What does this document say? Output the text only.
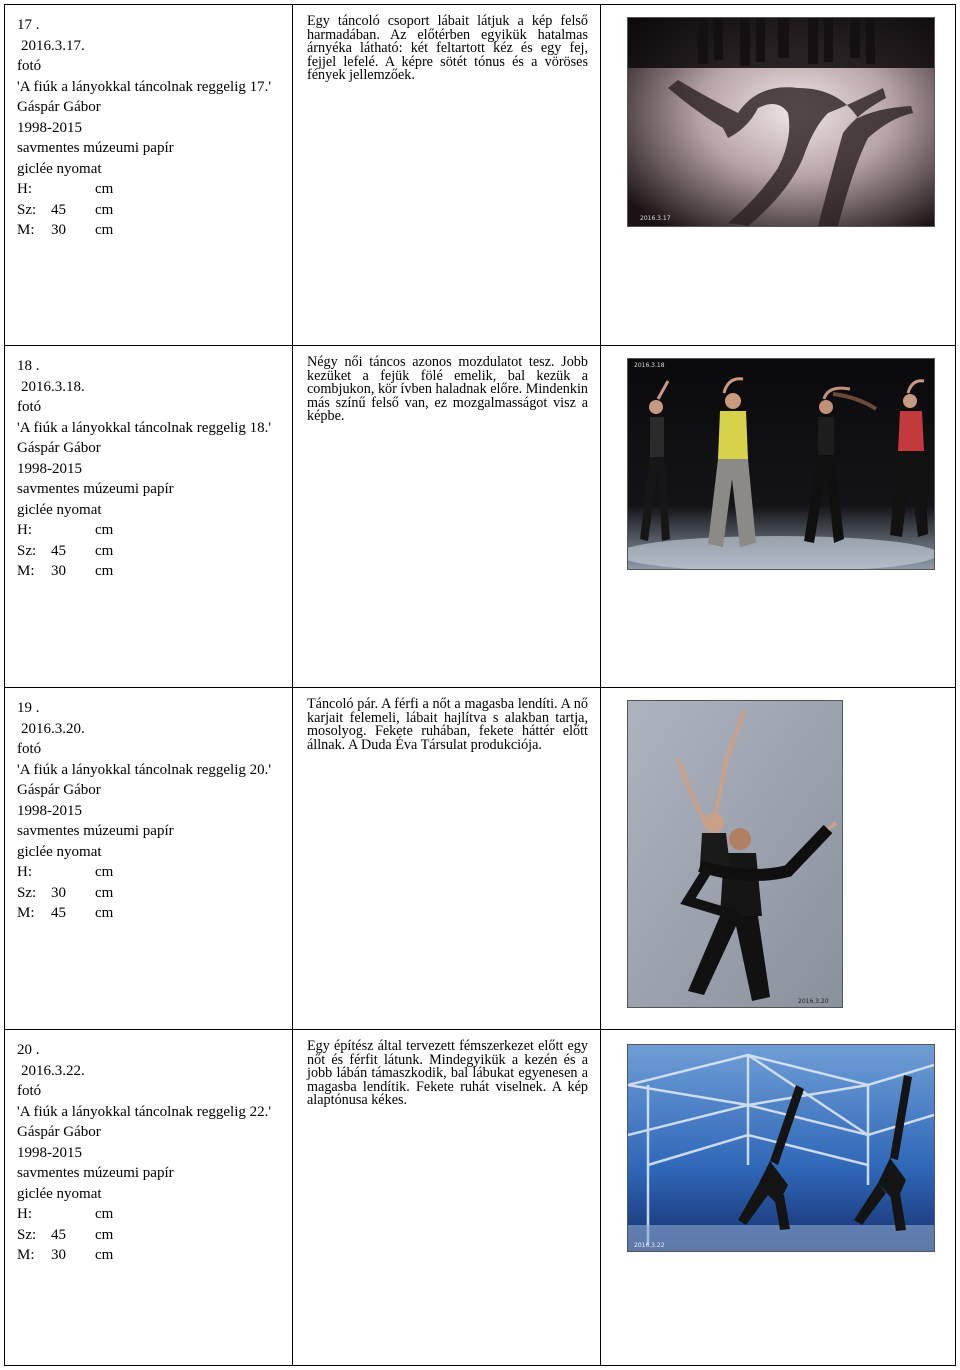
17 .
2016.3.17.
fotó
'A fiúk a lányokkal táncolnak reggelig 17.'
Gáspár Gábor
1998-2015
savmentes múzeumi papír
giclée nyomat
H:	cm
Sz: 45 cm
M: 30 cm
Egy táncoló csoport lábait látjuk a kép felső harmadában. Az előtérben egyikük hatalmas árnyéka látható: két feltartott kéz és egy fej, fejjel lefelé. A képre sötét tónus és a vöröses fények jellemzőek.
2016.3.17
18 .
2016.3.18.
fotó
'A fiúk a lányokkal táncolnak reggelig 18.'
Gáspár Gábor
1998-2015
savmentes múzeumi papír
giclée nyomat
H:	cm
Sz: 45 cm
M: 30 cm
Négy női táncos azonos mozdulatot tesz. Jobb kezüket a fejük fölé emelik, bal kezük a combjukon, kör ívben haladnak előre. Mindenkin más színű felső van, ez mozgalmasságot visz a képbe.
2016.3.18
19 .
2016.3.20.
fotó
'A fiúk a lányokkal táncolnak reggelig 20.'
Gáspár Gábor
1998-2015
savmentes múzeumi papír
giclée nyomat
H:	cm
Sz: 30 cm
M: 45 cm
Táncoló pár. A férfi a nőt a magasba lendíti. A nő karjait felemeli, lábait hajlítva s alakban tartja, mosolyog. Fekete ruhában, fekete háttér előtt állnak. A Duda Éva Társulat produkciója.
2016.3.20
20 .
2016.3.22.
fotó
'A fiúk a lányokkal táncolnak reggelig 22.'
Gáspár Gábor
1998-2015
savmentes múzeumi papír
giclée nyomat
H:	cm
Sz: 45 cm
M: 30 cm
Egy építész által tervezett fémszerkezet előtt egy nőt és férfit látunk. Mindegyikük a kezén és a jobb lábán támaszkodik, bal lábukat egyenesen a magasba lendítik. Fekete ruhát viselnek. A kép alaptónusa kékes.
2016.3.22
